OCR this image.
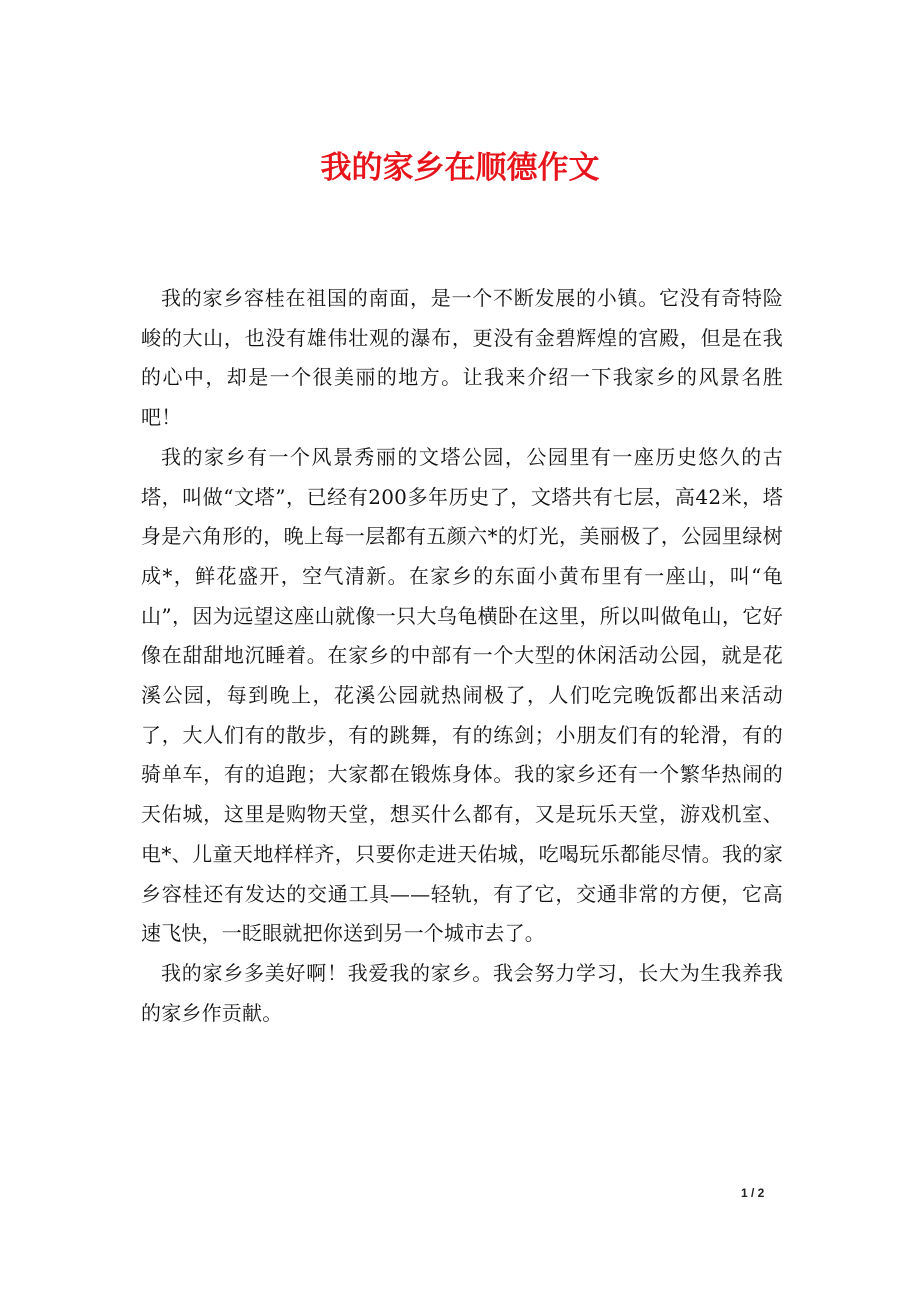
我的家乡在顺德作文

我的家乡容桂在祖国的南面，是一个不断发展的小镇。它没有奇特险峻的大山，也没有雄伟壮观的瀑布，更没有金碧辉煌的宫殿，但是在我的心中，却是一个很美丽的地方。让我来介绍一下我家乡的风景名胜吧！

我的家乡有一个风景秀丽的文塔公园，公园里有一座历史悠久的古塔，叫做“文塔”，已经有200多年历史了，文塔共有七层，高42米，塔身是六角形的，晚上每一层都有五颜六*的灯光，美丽极了，公园里绿树成*，鲜花盛开，空气清新。在家乡的东面小黄布里有一座山，叫“龟山”，因为远望这座山就像一只大乌龟横卧在这里，所以叫做龟山，它好像在甜甜地沉睡着。在家乡的中部有一个大型的休闲活动公园，就是花溪公园，每到晚上，花溪公园就热闹极了，人们吃完晚饭都出来活动了，大人们有的散步，有的跳舞，有的练剑；小朋友们有的轮滑，有的骑单车，有的追跑；大家都在锻炼身体。我的家乡还有一个繁华热闹的天佑城，这里是购物天堂，想买什么都有，又是玩乐天堂，游戏机室、电*、儿童天地样样齐，只要你走进天佑城，吃喝玩乐都能尽情。我的家乡容桂还有发达的交通工具——轻轨，有了它，交通非常的方便，它高速飞快，一眨眼就把你送到另一个城市去了。

我的家乡多美好啊！我爱我的家乡。我会努力学习，长大为生我养我的家乡作贡献。

1 / 2
